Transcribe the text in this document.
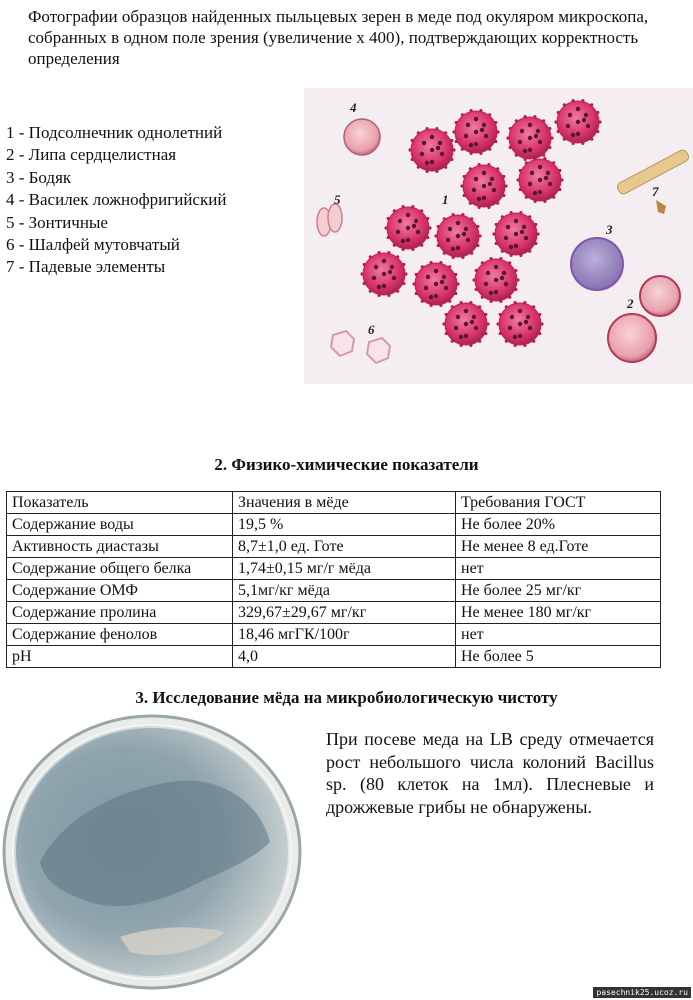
Фотографии образцов найденных пыльцевых зерен в меде под окуляром микроскопа, собранных в одном поле зрения (увеличение х 400), подтверждающих корректность определения
1 - Подсолнечник однолетний
2 - Липа сердцелистная
3 - Бодяк
4 - Василек ложнофригийский
5 - Зонтичные
6 - Шалфей мутовчатый
7 - Падевые элементы
4
1
3
5
2
6
7
2. Физико-химические показатели
Показатель	Значения в мёде	Требования ГОСТ
Содержание воды	19,5 %	Не более 20%
Активность диастазы	8,7±1,0 ед. Готе	Не менее 8 ед.Готе
Содержание общего белка	1,74±0,15 мг/г мёда	нет
Содержание ОМФ	5,1мг/кг мёда	Не более 25 мг/кг
Содержание пролина	329,67±29,67 мг/кг	Не менее 180 мг/кг
Содержание фенолов	18,46 мгГК/100г	нет
pH	4,0	Не более 5
3. Исследование мёда на микробиологическую чистоту
При посеве меда на LB среду отмечается рост небольшого числа колоний Bacillus sp. (80 клеток на 1мл). Плесневые и дрожжевые грибы не обнаружены.
pasechnik25.ucoz.ru
